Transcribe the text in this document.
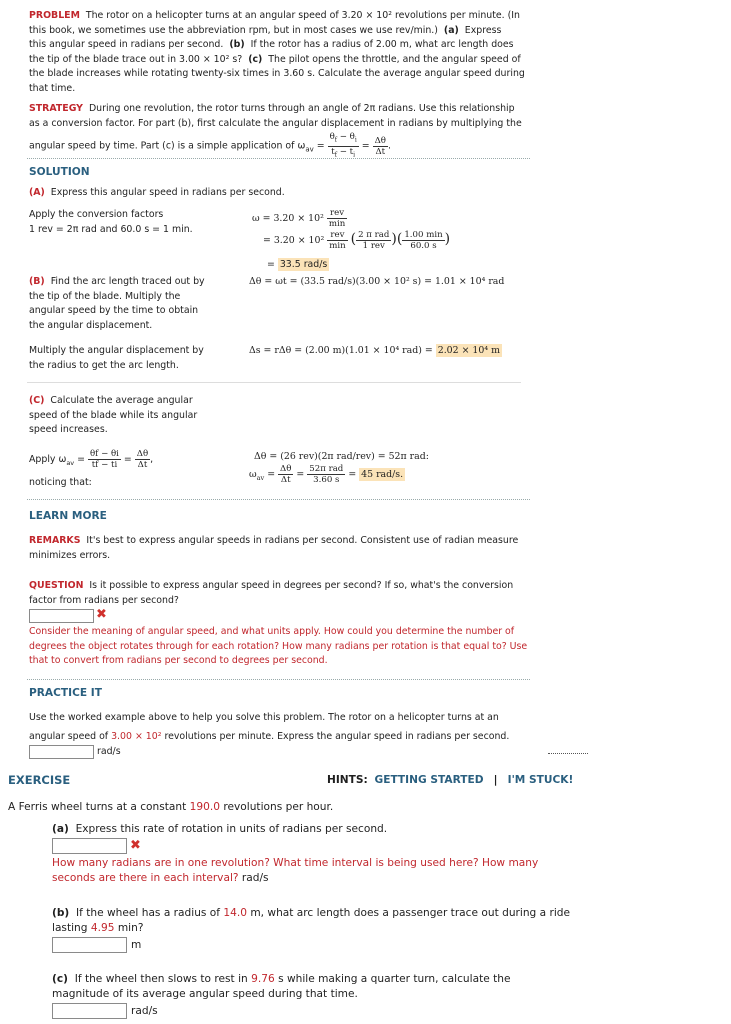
PROBLEM The rotor on a helicopter turns at an angular speed of 3.20 × 10² revolutions per minute. (In
this book, we sometimes use the abbreviation rpm, but in most cases we use rev/min.) (a) Express
this angular speed in radians per second. (b) If the rotor has a radius of 2.00 m, what arc length does
the tip of the blade trace out in 3.00 × 10² s? (c) The pilot opens the throttle, and the angular speed of
the blade increases while rotating twenty-six times in 3.60 s. Calculate the average angular speed during
that time.
STRATEGY During one revolution, the rotor turns through an angle of 2π radians. Use this relationship
as a conversion factor. For part (b), first calculate the angular displacement in radians by multiplying the
angular speed by time. Part (c) is a simple application of $\omega_{av} = \frac{\theta_f - \theta_i}{t_f - t_i} = \frac{\Delta\theta}{\Delta t}$ .
SOLUTION
(A) Express this angular speed in radians per second.
Apply the conversion factors
1 rev = 2π rad and 60.0 s = 1 min.
$\omega = 3.20 \times 10^2 \frac{\text{rev}}{\min}$
= $3.20 \times 10^2 \frac{\text{rev}}{\min}$ ( $\frac{\text{2 π rad}}{\text{1 rev}}$ )( $\frac{1.00 \min}{60.0 s}$ )
= 33.5 rad/s
(B) Find the arc length traced out by
the tip of the blade. Multiply the
angular speed by the time to obtain
the angular displacement.
Δθ = ωt = (33.5 rad/s)(3.00 × 10² s) = 1.01 × 10⁴ rad
Multiply the angular displacement by
the radius to get the arc length.
Δs = rΔθ = (2.00 m)(1.01 × 10⁴ rad) = 2.02 × 10⁴ m
(C) Calculate the average angular
speed of the blade while its angular
speed increases.
Apply $\omega_{av} = \frac{\theta f - \theta i}{tf - ti} = \frac{\Delta\theta}{\Delta t}$ ,
noticing that:
Δθ = (26 rev)(2π rad/rev) = 52π rad:
$\omega_{av} = \frac{\Delta\theta}{\Delta t} = \frac{\text{52π rad}}{3.60 s} = 45$ rad/s.
LEARN MORE
REMARKS It's best to express angular speeds in radians per second. Consistent use of radian measure
minimizes errors.
QUESTION Is it possible to express angular speed in degrees per second? If so, what's the conversion
factor from radians per second?
✖
Consider the meaning of angular speed, and what units apply. How could you determine the number of
degrees the object rotates through for each rotation? How many radians per rotation is that equal to? Use
that to convert from radians per second to degrees per second.
PRACTICE IT
Use the worked example above to help you solve this problem. The rotor on a helicopter turns at an
angular speed of 3.00 × 10² revolutions per minute. Express the angular speed in radians per second.
rad/s
EXERCISE	HINTS: GETTING STARTED | I'M STUCK!
A Ferris wheel turns at a constant 190.0 revolutions per hour.
(a) Express this rate of rotation in units of radians per second.
✖
How many radians are in one revolution? What time interval is being used here? How many
seconds are there in each interval? rad/s
(b) If the wheel has a radius of 14.0 m, what arc length does a passenger trace out during a ride
lasting 4.95 min?
m
(c) If the wheel then slows to rest in 9.76 s while making a quarter turn, calculate the
magnitude of its average angular speed during that time.
rad/s
